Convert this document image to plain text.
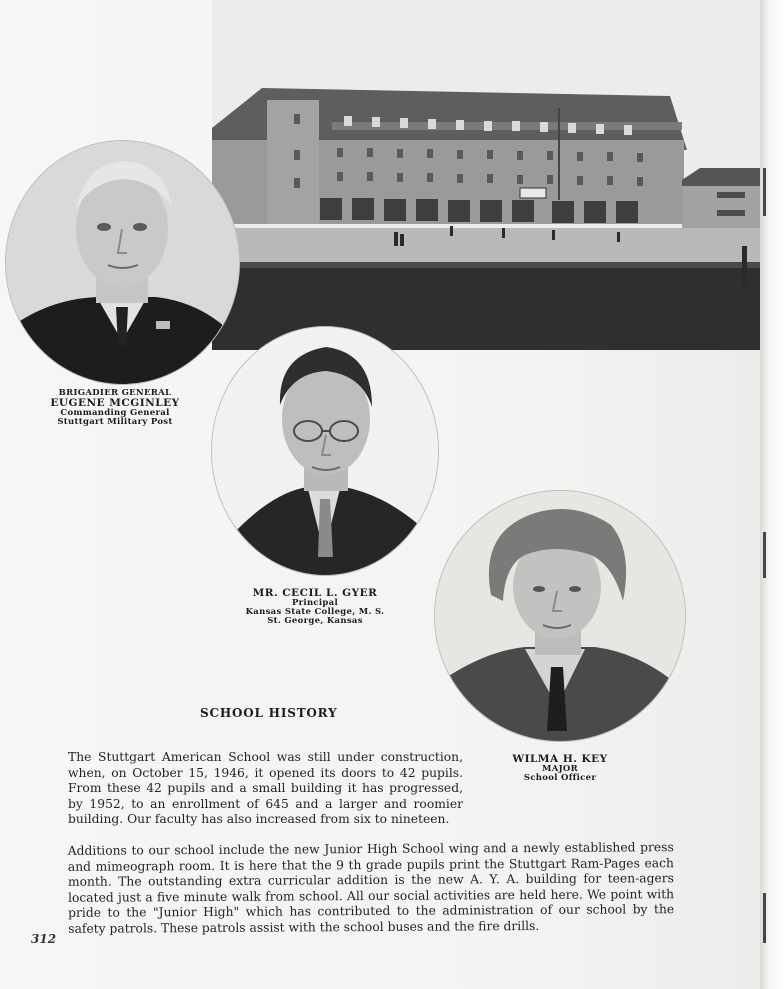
BRIGADIER GENERAL
EUGENE MCGINLEY
Commanding General
Stuttgart Military Post
MR. CECIL L. GYER
Principal
Kansas State College, M. S.
St. George, Kansas
WILMA H. KEY
MAJOR
School Officer
SCHOOL HISTORY

The Stuttgart American School was still under construction, when, on October 15, 1946, it opened its doors to 42 pupils. From these 42 pupils and a small building it has progressed, by 1952, to an enrollment of 645 and a larger and roomier building. Our faculty has also increased from six to nineteen.

Additions to our school include the new Junior High School wing and a newly established press and mimeograph room. It is here that the 9 th grade pupils print the Stuttgart Ram-Pages each month. The outstanding extra curricular addition is the new A. Y. A. building for teen-agers located just a five minute walk from school. All our social activities are held here. We point with pride to the "Junior High" which has contributed to the administration of our school by the safety patrols. These patrols assist with the school buses and the fire drills.

312
